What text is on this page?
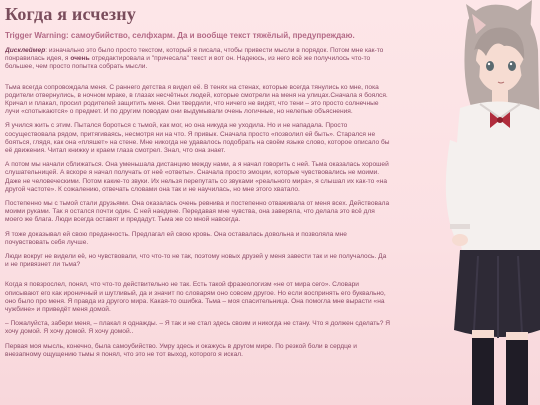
Когда я исчезну
Trigger Warning: самоубийство, селфхарм. Да и вообще текст тяжёлый, предупреждаю.

Дисклеймер: изначально это было просто текстом, который я писала, чтобы привести мысли в порядок. Потом мне как-то понравилась идея, я очень отредактировала и "причесала" текст и вот он. Надеюсь, из него всё же получилось что-то большее, чем просто попытка собрать мысли.

Тьма всегда сопровождала меня. С раннего детства я видел её. В тенях на стенах, которые всегда тянулись ко мне, пока родители отвернулись, в ночном мраке, в глазах несчётных людей, которые смотрели на меня на улицах.Сначала я боялся. Кричал и плакал, просил родителей защитить меня. Они твердили, что ничего не видят, что тени – это просто солнечные лучи «спотыкаются» о предмет. И по другим поводам они выдумывали очень логичные, но нелепые объяснения.

Я учился жить с этим. Пытался бороться с тьмой, как мог, но она никуда не уходила. Но и не нападала. Просто сосуществовала рядом, притягиваясь, несмотря ни на что. Я привык. Сначала просто «позволил ей быть». Старался не бояться, глядя, как она «пляшет» на стене. Мне никогда не удавалось подобрать на своём языке слово, которое описало бы её движения. Читал книжку и краем глаза смотрел. Знал, что она знает.

А потом мы начали сближаться. Она уменьшала дистанцию между нами, а я начал говорить с ней. Тьма оказалась хорошей слушательницей. А вскоре я начал получать от неё «ответы». Сначала просто эмоции, которые чувствовались не моими. Даже не человеческими. Потом какие-то звуки. Их нельзя перепутать со звуками «реального мира», я слышал их как-то «на другой частоте». К сожалению, отвечать словами она так и не научилась, но мне этого хватало.

Постепенно мы с тьмой стали друзьями. Она оказалась очень ревнива и постепенно отваживала от меня всех. Действовала моими руками. Так я остался почти один. С ней наедине. Передавая мне чувства, она заверяла, что делала это всё для моего же блага. Люди всегда оставят и предадут. Тьма же со мной навсегда.

Я тоже доказывал ей свою преданность. Предлагал ей свою кровь. Она оставалась довольна и позволяла мне почувствовать себя лучше.

Люди вокруг не видели её, но чувствовали, что что-то не так, поэтому новых друзей у меня завести так и не получалось. Да и не привязнет ли тьма?

Когда я повзрослел, понял, что что-то действительно не так. Есть такой фразеологизм «не от мира сего». Словари описывают его как ироничный и шутливый, да и значит по словарям оно совсем другое. Но если воспринять его буквально, оно было про меня. Я правда из другого мира. Какая-то ошибка. Тьма – моя спасительница. Она помогла мне вырасти «на чужбине» и приведёт меня домой.

– Пожалуйста, забери меня, – плакал я однажды. – Я так и не стал здесь своим и никогда не стану. Что я должен сделать? Я хочу домой. Я хочу домой. Я хочу домой..

Первая моя мысль, конечно, была самоубийство. Умру здесь и окажусь в другом мире. По резкой боли в сердце и внезапному ощущению тьмы я понял, что это не тот выход, которого я искал.
